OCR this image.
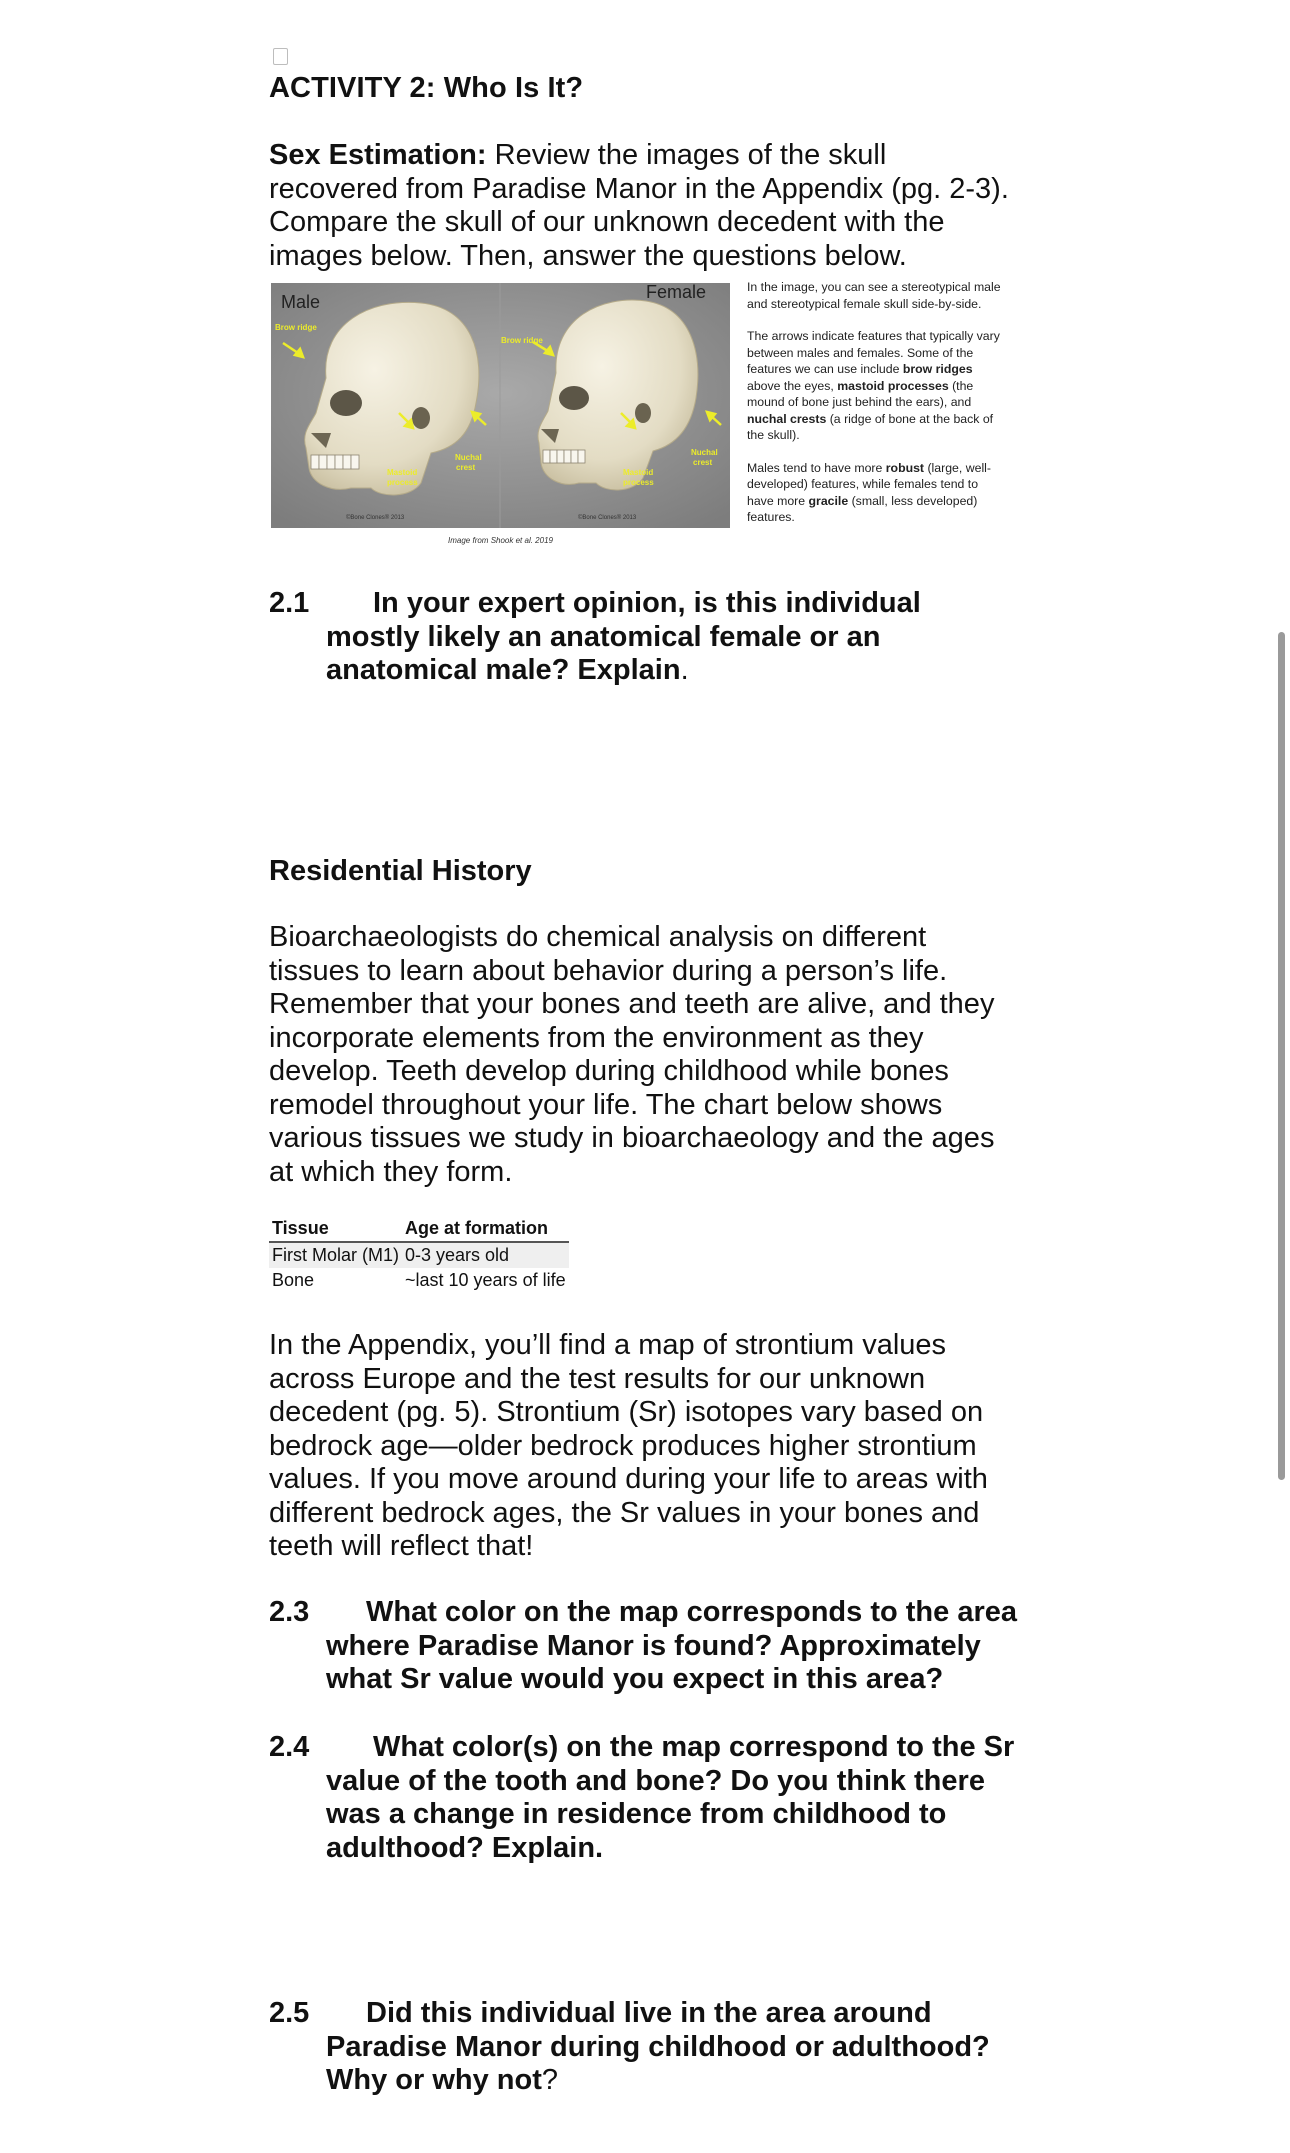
ACTIVITY 2: Who Is It?
Sex Estimation: Review the images of the skull
recovered from Paradise Manor in the Appendix (pg. 2-3).
Compare the skull of our unknown decedent with the
images below. Then, answer the questions below.
Male	Female
Brow ridge
Brow ridge
Nuchal
crest
Nuchal
crest
Mastoid
process
Mastoid
process
©Bone Clones® 2013	©Bone Clones® 2013
Image from Shook et al. 2019

In the image, you can see a stereotypical male and stereotypical female skull side-by-side.

The arrows indicate features that typically vary between males and females. Some of the features we can use include brow ridges above the eyes, mastoid processes (the mound of bone just behind the ears), and nuchal crests (a ridge of bone at the back of the skull).

Males tend to have more robust (large, well-developed) features, while females tend to have more gracile (small, less developed) features.

2.1	In your expert opinion, is this individual
mostly likely an anatomical female or an
anatomical male? Explain.
Residential History
Bioarchaeologists do chemical analysis on different
tissues to learn about behavior during a person’s life.
Remember that your bones and teeth are alive, and they
incorporate elements from the environment as they
develop. Teeth develop during childhood while bones
remodel throughout your life. The chart below shows
various tissues we study in bioarchaeology and the ages
at which they form.
Tissue	Age at formation
First Molar (M1)	0-3 years old
Bone	~last 10 years of life
In the Appendix, you’ll find a map of strontium values
across Europe and the test results for our unknown
decedent (pg. 5). Strontium (Sr) isotopes vary based on
bedrock age—older bedrock produces higher strontium
values. If you move around during your life to areas with
different bedrock ages, the Sr values in your bones and
teeth will reflect that!
2.3	What color on the map corresponds to the area
where Paradise Manor is found? Approximately
what Sr value would you expect in this area?
2.4	What color(s) on the map correspond to the Sr
value of the tooth and bone? Do you think there
was a change in residence from childhood to
adulthood? Explain.
2.5	Did this individual live in the area around
Paradise Manor during childhood or adulthood?
Why or why not?
